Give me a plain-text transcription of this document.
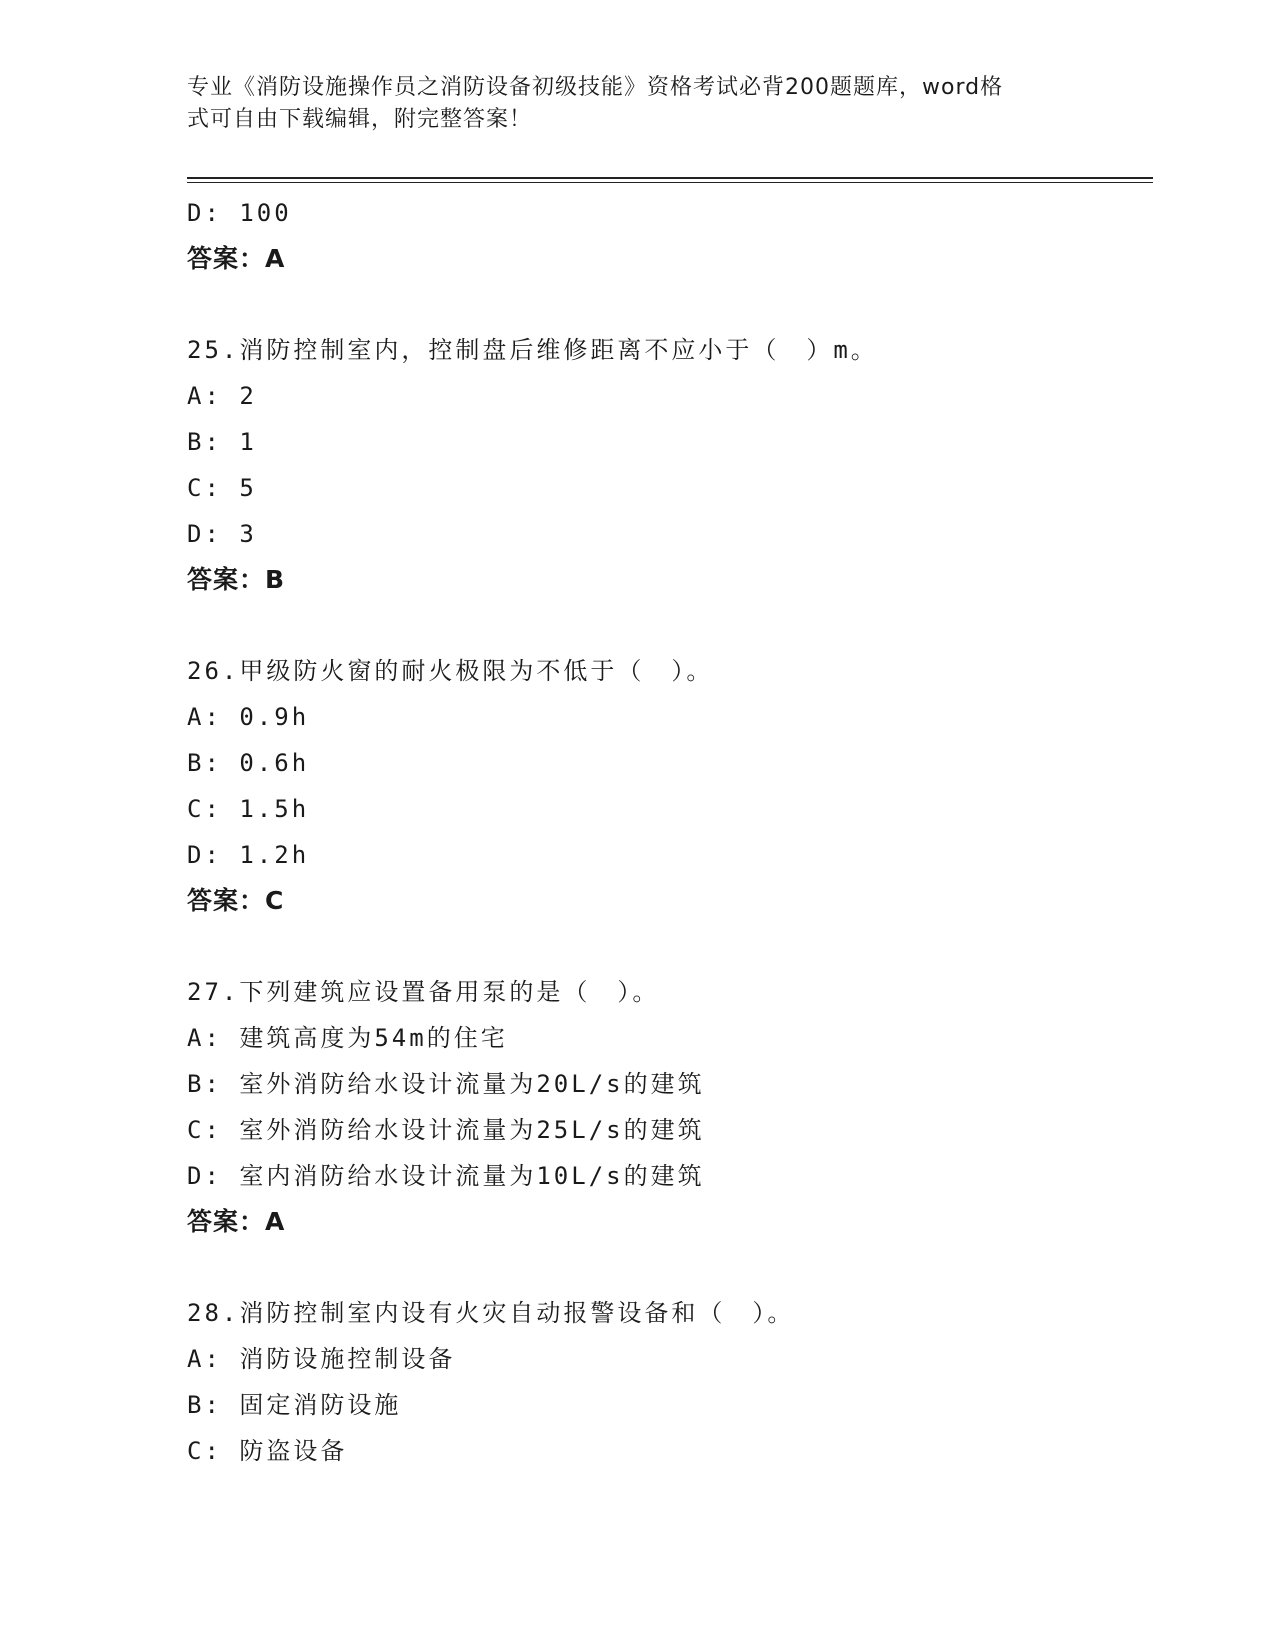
专业《消防设施操作员之消防设备初级技能》资格考试必背200题题库，word格
式可自由下载编辑，附完整答案！
D: 100
答案：A
25.消防控制室内，控制盘后维修距离不应小于（　）m。
A: 2
B: 1
C: 5
D: 3
答案：B
26.甲级防火窗的耐火极限为不低于（　）。
A: 0.9h
B: 0.6h
C: 1.5h
D: 1.2h
答案：C
27.下列建筑应设置备用泵的是（　）。
A: 建筑高度为54m的住宅
B: 室外消防给水设计流量为20L/s的建筑
C: 室外消防给水设计流量为25L/s的建筑
D: 室内消防给水设计流量为10L/s的建筑
答案：A
28.消防控制室内设有火灾自动报警设备和（　）。
A: 消防设施控制设备
B: 固定消防设施
C: 防盗设备
